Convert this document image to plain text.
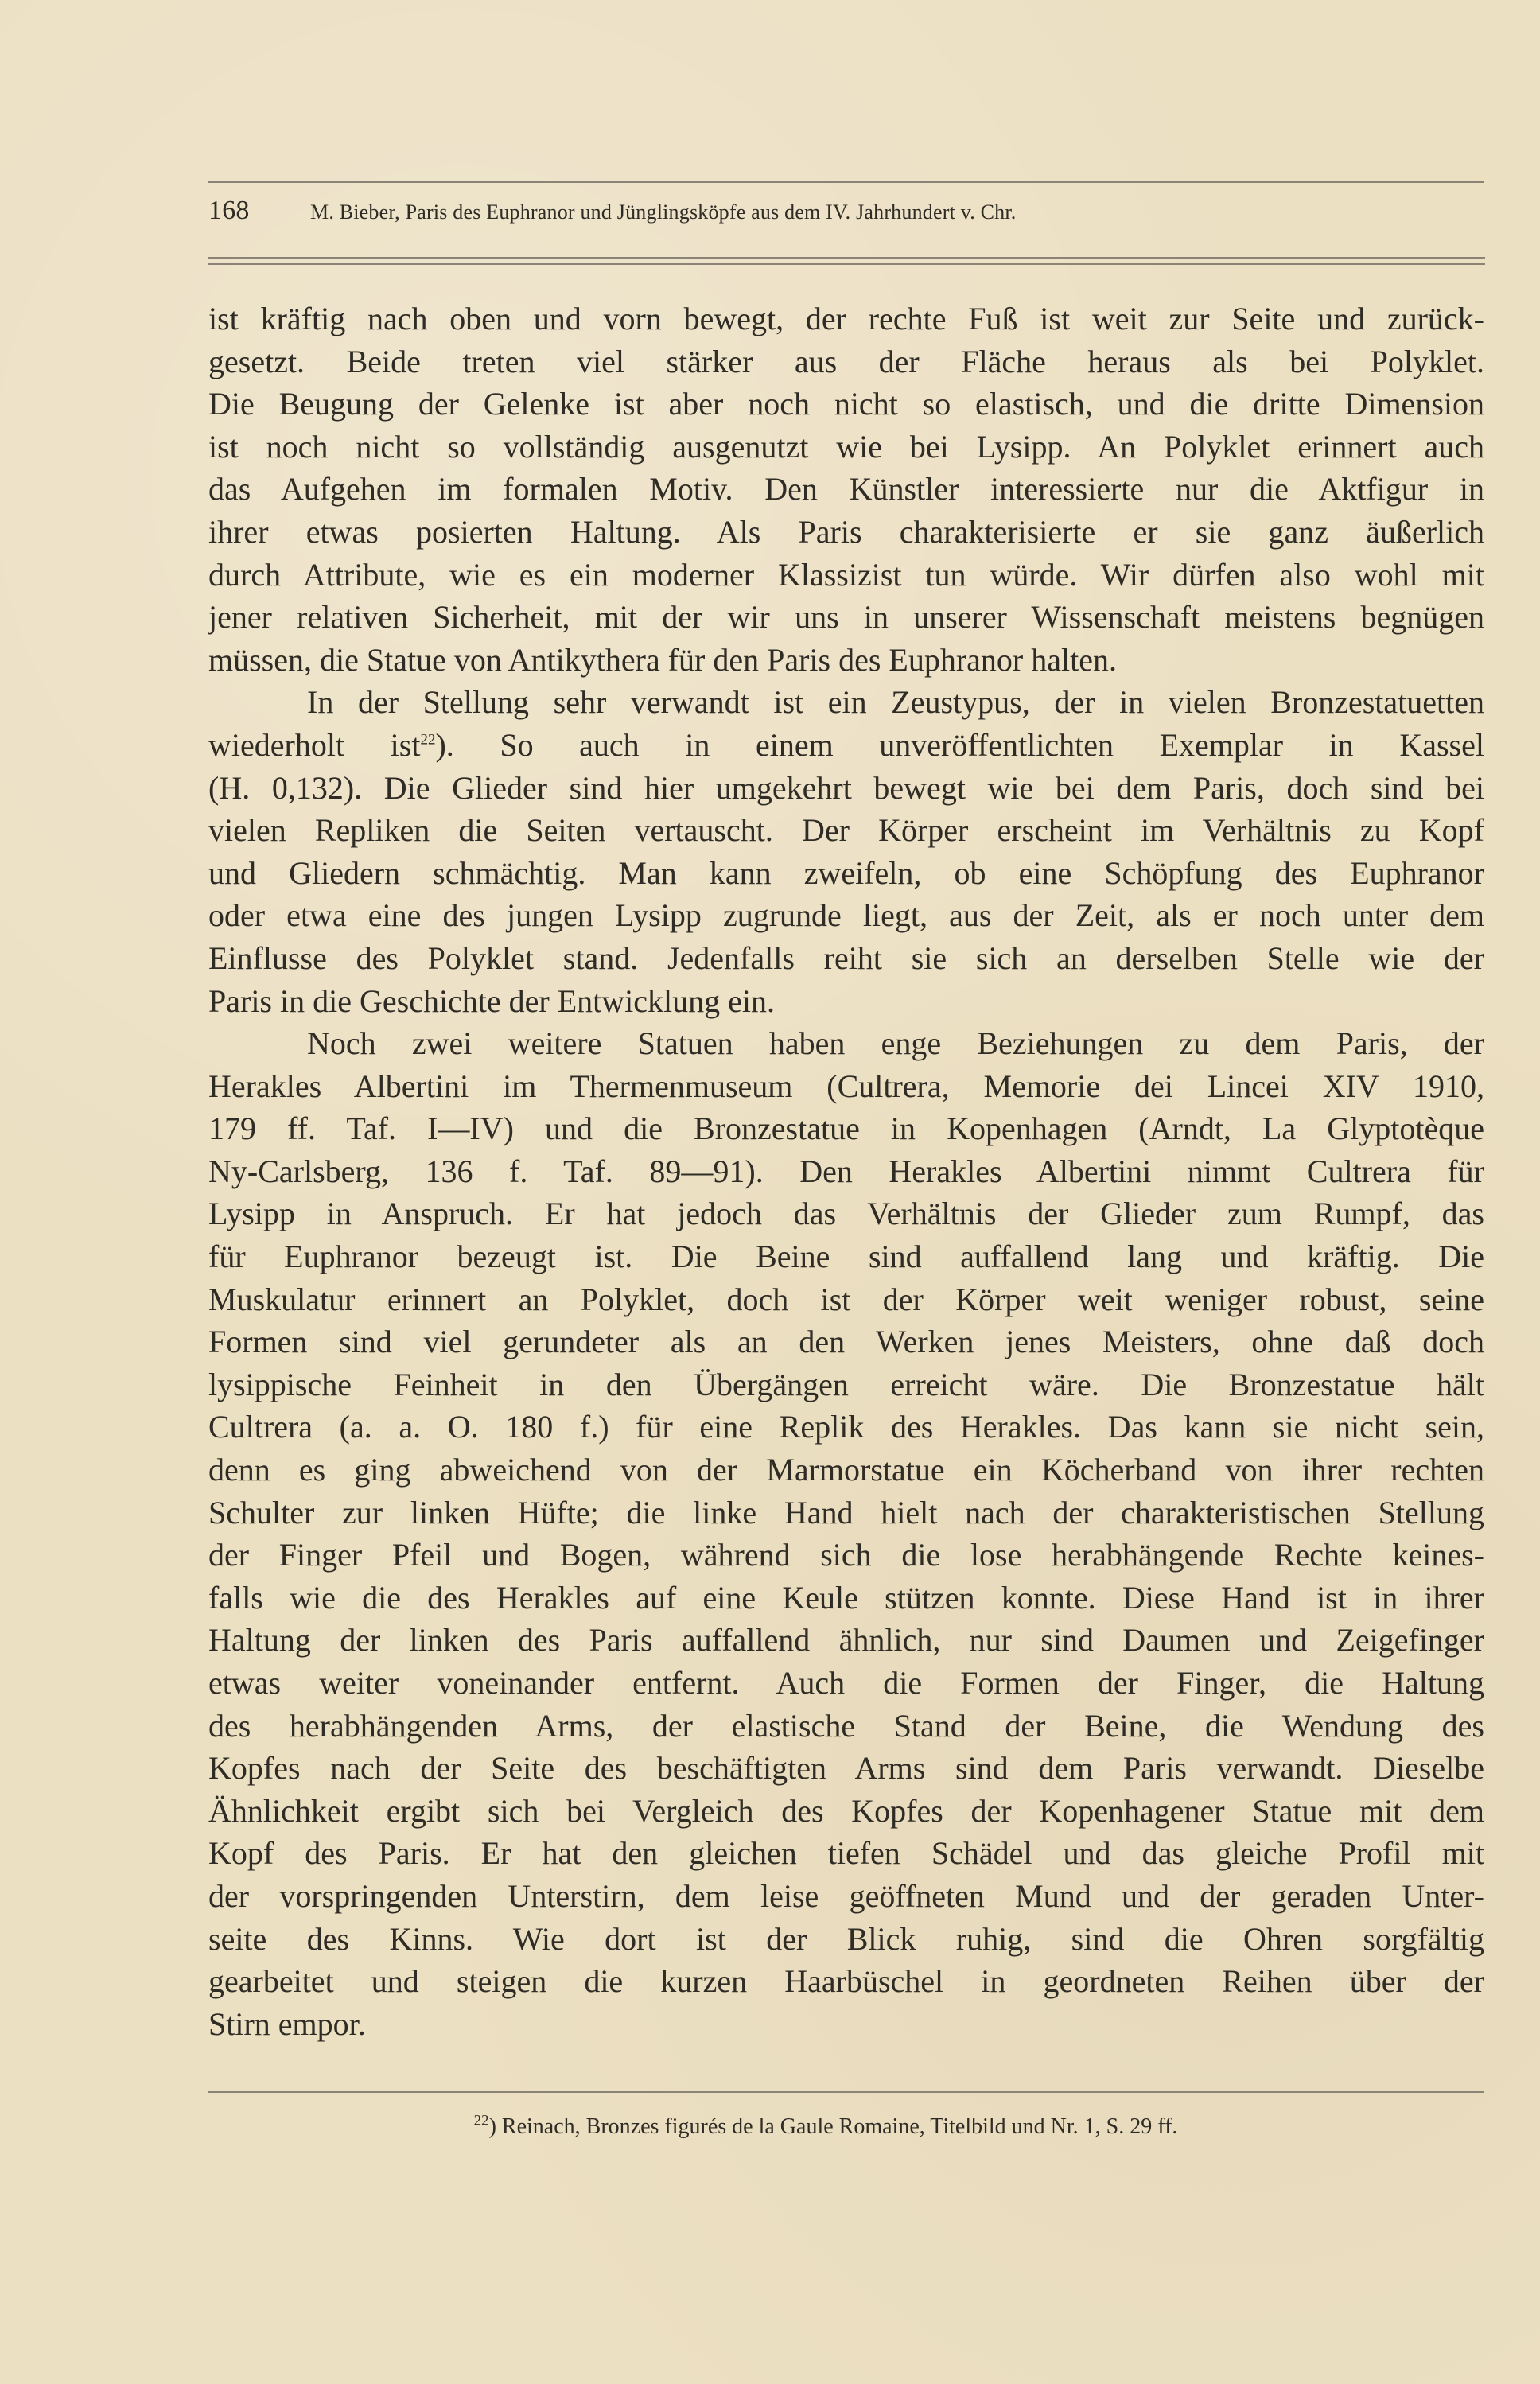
168	M. Bieber, Paris des Euphranor und Jünglingsköpfe aus dem IV. Jahrhundert v. Chr.
ist kräftig nach oben und vorn bewegt, der rechte Fuß ist weit zur Seite und zurück-
gesetzt. Beide treten viel stärker aus der Fläche heraus als bei Polyklet.
Die Beugung der Gelenke ist aber noch nicht so elastisch, und die dritte Dimension
ist noch nicht so vollständig ausgenutzt wie bei Lysipp. An Polyklet erinnert auch
das Aufgehen im formalen Motiv. Den Künstler interessierte nur die Aktfigur in
ihrer etwas posierten Haltung. Als Paris charakterisierte er sie ganz äußerlich
durch Attribute, wie es ein moderner Klassizist tun würde. Wir dürfen also wohl mit
jener relativen Sicherheit, mit der wir uns in unserer Wissenschaft meistens begnügen
müssen, die Statue von Antikythera für den Paris des Euphranor halten.
In der Stellung sehr verwandt ist ein Zeustypus, der in vielen Bronzestatuetten
wiederholt ist$^{22}$). So auch in einem unveröffentlichten Exemplar in Kassel
(H. 0,132). Die Glieder sind hier umgekehrt bewegt wie bei dem Paris, doch sind bei
vielen Repliken die Seiten vertauscht. Der Körper erscheint im Verhältnis zu Kopf
und Gliedern schmächtig. Man kann zweifeln, ob eine Schöpfung des Euphranor
oder etwa eine des jungen Lysipp zugrunde liegt, aus der Zeit, als er noch unter dem
Einflusse des Polyklet stand. Jedenfalls reiht sie sich an derselben Stelle wie der
Paris in die Geschichte der Entwicklung ein.
Noch zwei weitere Statuen haben enge Beziehungen zu dem Paris, der
Herakles Albertini im Thermenmuseum (Cultrera, Memorie dei Lincei XIV 1910,
179 ff. Taf. I—IV) und die Bronzestatue in Kopenhagen (Arndt, La Glyptotèque
Ny-Carlsberg, 136 f. Taf. 89—91). Den Herakles Albertini nimmt Cultrera für
Lysipp in Anspruch. Er hat jedoch das Verhältnis der Glieder zum Rumpf, das
für Euphranor bezeugt ist. Die Beine sind auffallend lang und kräftig. Die
Muskulatur erinnert an Polyklet, doch ist der Körper weit weniger robust, seine
Formen sind viel gerundeter als an den Werken jenes Meisters, ohne daß doch
lysippische Feinheit in den Übergängen erreicht wäre. Die Bronzestatue hält
Cultrera (a. a. O. 180 f.) für eine Replik des Herakles. Das kann sie nicht sein,
denn es ging abweichend von der Marmorstatue ein Köcherband von ihrer rechten
Schulter zur linken Hüfte; die linke Hand hielt nach der charakteristischen Stellung
der Finger Pfeil und Bogen, während sich die lose herabhängende Rechte keines-
falls wie die des Herakles auf eine Keule stützen konnte. Diese Hand ist in ihrer
Haltung der linken des Paris auffallend ähnlich, nur sind Daumen und Zeigefinger
etwas weiter voneinander entfernt. Auch die Formen der Finger, die Haltung
des herabhängenden Arms, der elastische Stand der Beine, die Wendung des
Kopfes nach der Seite des beschäftigten Arms sind dem Paris verwandt. Dieselbe
Ähnlichkeit ergibt sich bei Vergleich des Kopfes der Kopenhagener Statue mit dem
Kopf des Paris. Er hat den gleichen tiefen Schädel und das gleiche Profil mit
der vorspringenden Unterstirn, dem leise geöffneten Mund und der geraden Unter-
seite des Kinns. Wie dort ist der Blick ruhig, sind die Ohren sorgfältig
gearbeitet und steigen die kurzen Haarbüschel in geordneten Reihen über der
Stirn empor.
$^{22}$) Reinach, Bronzes figurés de la Gaule Romaine, Titelbild und Nr. 1, S. 29 ff.
